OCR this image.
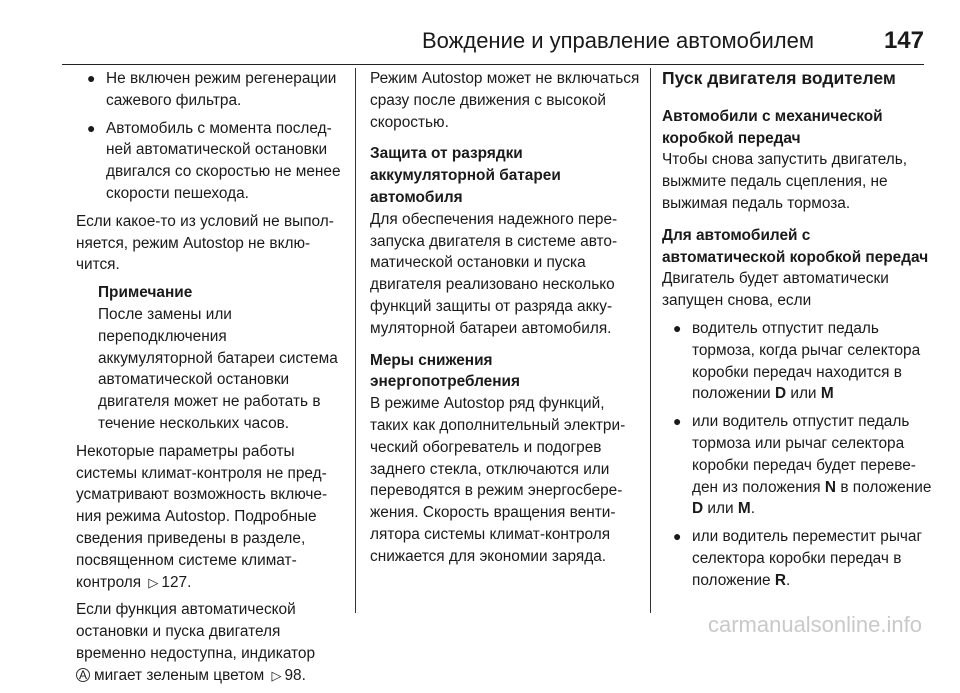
Вождение и управление автомобилем	147
● Не включен режим регенерации сажевого фильтра.
● Автомобиль с момента последней автоматической остановки двигался со скоростью не менее скорости пешехода.

Если какое-то из условий не выполняется, режим Autostop не включится.

Примечание
После замены или переподключения аккумуляторной батареи система автоматической остановки двигателя может не работать в течение нескольких часов.

Некоторые параметры работы системы климат-контроля не предусматривают возможность включения режима Autostop. Подробные сведения приведены в разделе, посвященном системе климат-контроля ▷ 127.

Если функция автоматической остановки и пуска двигателя временно недоступна, индикатор
A мигает зеленым цветом ▷ 98.

Режим Autostop может не включаться сразу после движения с высокой скоростью.

Защита от разрядки аккумуляторной батареи автомобиля

Для обеспечения надежного перезапуска двигателя в системе автоматической остановки и пуска двигателя реализовано несколько функций защиты от разряда аккумуляторной батареи автомобиля.

Меры снижения энергопотребления

В режиме Autostop ряд функций, таких как дополнительный электрический обогреватель и подогрев заднего стекла, отключаются или переводятся в режим энергосбережения. Скорость вращения вентилятора системы климат-контроля снижается для экономии заряда.

Пуск двигателя водителем
Автомобили с механической коробкой передач

Чтобы снова запустить двигатель, выжмите педаль сцепления, не выжимая педаль тормоза.

Для автомобилей с автоматической коробкой передач

Двигатель будет автоматически запущен снова, если

● водитель отпустит педаль тормоза, когда рычаг селектора коробки передач находится в положении D или M
● или водитель отпустит педаль тормоза или рычаг селектора коробки передач будет переведен из положения N в положение D или M.
● или водитель переместит рычаг селектора коробки передач в положение R.
carmanualsonline.info
